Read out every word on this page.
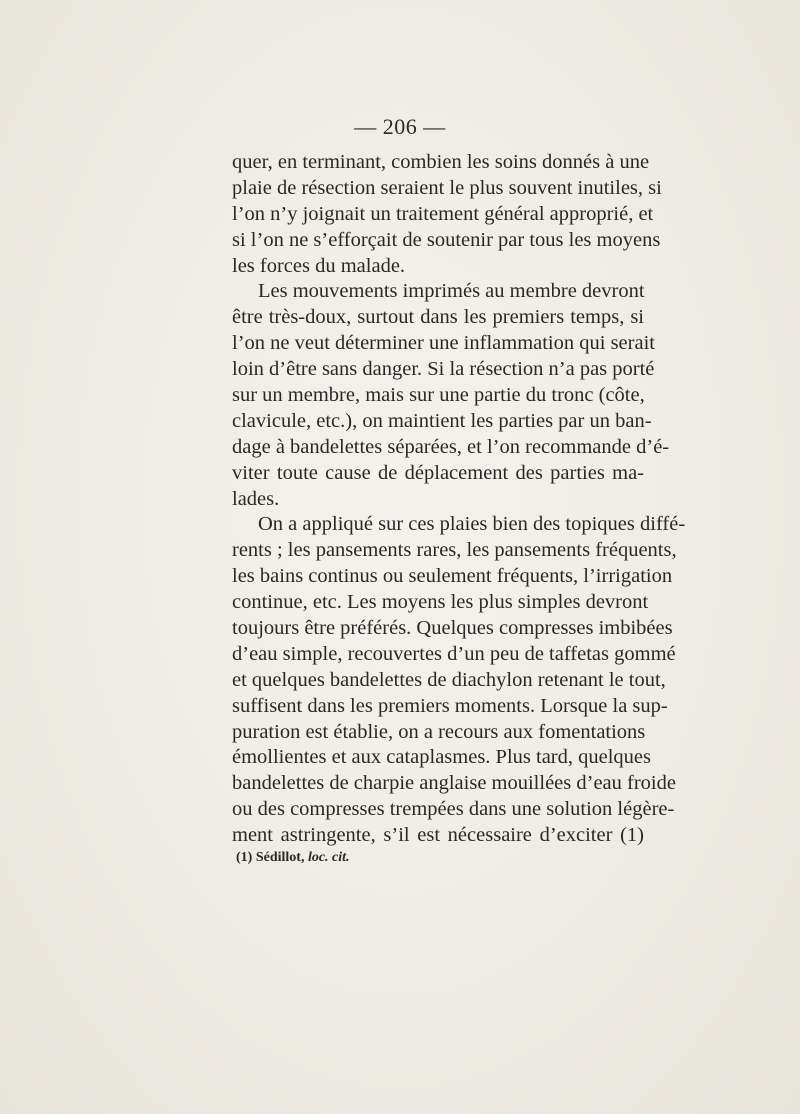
— 206 —
quer, en terminant, combien les soins donnés à une
plaie de résection seraient le plus souvent inutiles, si
l’on n’y joignait un traitement général approprié, et
si l’on ne s’efforçait de soutenir par tous les moyens
les forces du malade.
Les mouvements imprimés au membre devront
être très-doux, surtout dans les premiers temps, si
l’on ne veut déterminer une inflammation qui serait
loin d’être sans danger. Si la résection n’a pas porté
sur un membre, mais sur une partie du tronc (côte,
clavicule, etc.), on maintient les parties par un ban-
dage à bandelettes séparées, et l’on recommande d’é-
viter toute cause de déplacement des parties ma-
lades.
On a appliqué sur ces plaies bien des topiques diffé-
rents ; les pansements rares, les pansements fréquents,
les bains continus ou seulement fréquents, l’irrigation
continue, etc. Les moyens les plus simples devront
toujours être préférés. Quelques compresses imbibées
d’eau simple, recouvertes d’un peu de taffetas gommé
et quelques bandelettes de diachylon retenant le tout,
suffisent dans les premiers moments. Lorsque la sup-
puration est établie, on a recours aux fomentations
émollientes et aux cataplasmes. Plus tard, quelques
bandelettes de charpie anglaise mouillées d’eau froide
ou des compresses trempées dans une solution légère-
ment astringente, s’il est nécessaire d’exciter (1)
(1) Sédillot, loc. cit.
